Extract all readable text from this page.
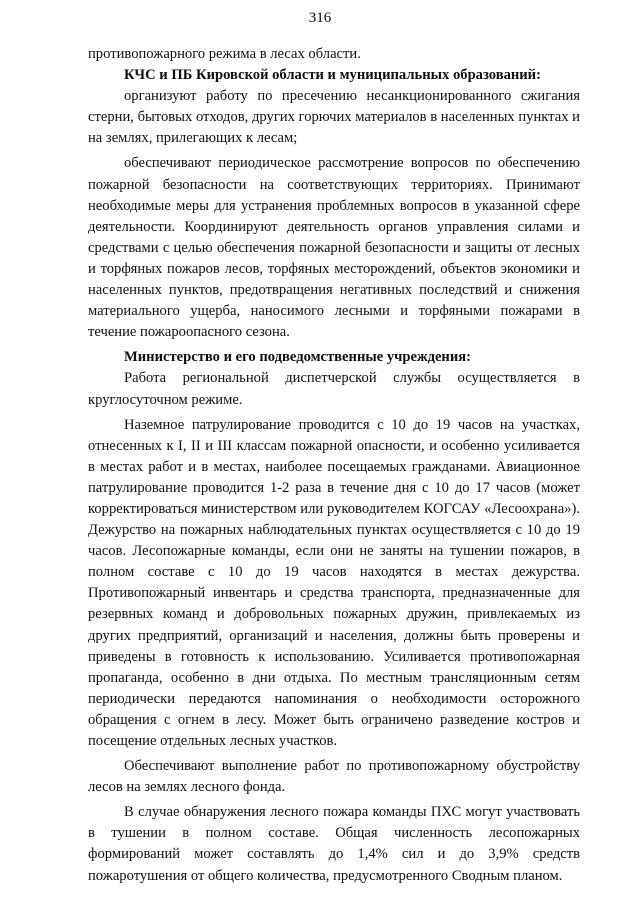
316

противопожарного режима в лесах области.

КЧС и ПБ Кировской области и муниципальных образований:

организуют работу по пресечению несанкционированного сжигания стерни, бытовых отходов, других горючих материалов в населенных пунктах и на землях, прилегающих к лесам;

обеспечивают периодическое рассмотрение вопросов по обеспечению пожарной безопасности на соответствующих территориях. Принимают необходимые меры для устранения проблемных вопросов в указанной сфере деятельности. Координируют деятельность органов управления силами и средствами с целью обеспечения пожарной безопасности и защиты от лесных и торфяных пожаров лесов, торфяных месторождений, объектов экономики и населенных пунктов, предотвращения негативных последствий и снижения материального ущерба, наносимого лесными и торфяными пожарами в течение пожароопасного сезона.

Министерство и его подведомственные учреждения:

Работа региональной диспетчерской службы осуществляется в круглосуточном режиме.

Наземное патрулирование проводится с 10 до 19 часов на участках, отнесенных к I, II и III классам пожарной опасности, и особенно усиливается в местах работ и в местах, наиболее посещаемых гражданами. Авиационное патрулирование проводится 1-2 раза в течение дня с 10 до 17 часов (может корректироваться министерством или руководителем КОГСАУ «Лесоохрана»). Дежурство на пожарных наблюдательных пунктах осуществляется с 10 до 19 часов. Лесопожарные команды, если они не заняты на тушении пожаров, в полном составе с 10 до 19 часов находятся в местах дежурства. Противопожарный инвентарь и средства транспорта, предназначенные для резервных команд и добровольных пожарных дружин, привлекаемых из других предприятий, организаций и населения, должны быть проверены и приведены в готовность к использованию. Усиливается противопожарная пропаганда, особенно в дни отдыха. По местным трансляционным сетям периодически передаются напоминания о необходимости осторожного обращения с огнем в лесу. Может быть ограничено разведение костров и посещение отдельных лесных участков.

Обеспечивают выполнение работ по противопожарному обустройству лесов на землях лесного фонда.

В случае обнаружения лесного пожара команды ПХС могут участвовать в тушении в полном составе. Общая численность лесопожарных формирований может составлять до 1,4% сил и до 3,9% средств пожаротушения от общего количества, предусмотренного Сводным планом.
